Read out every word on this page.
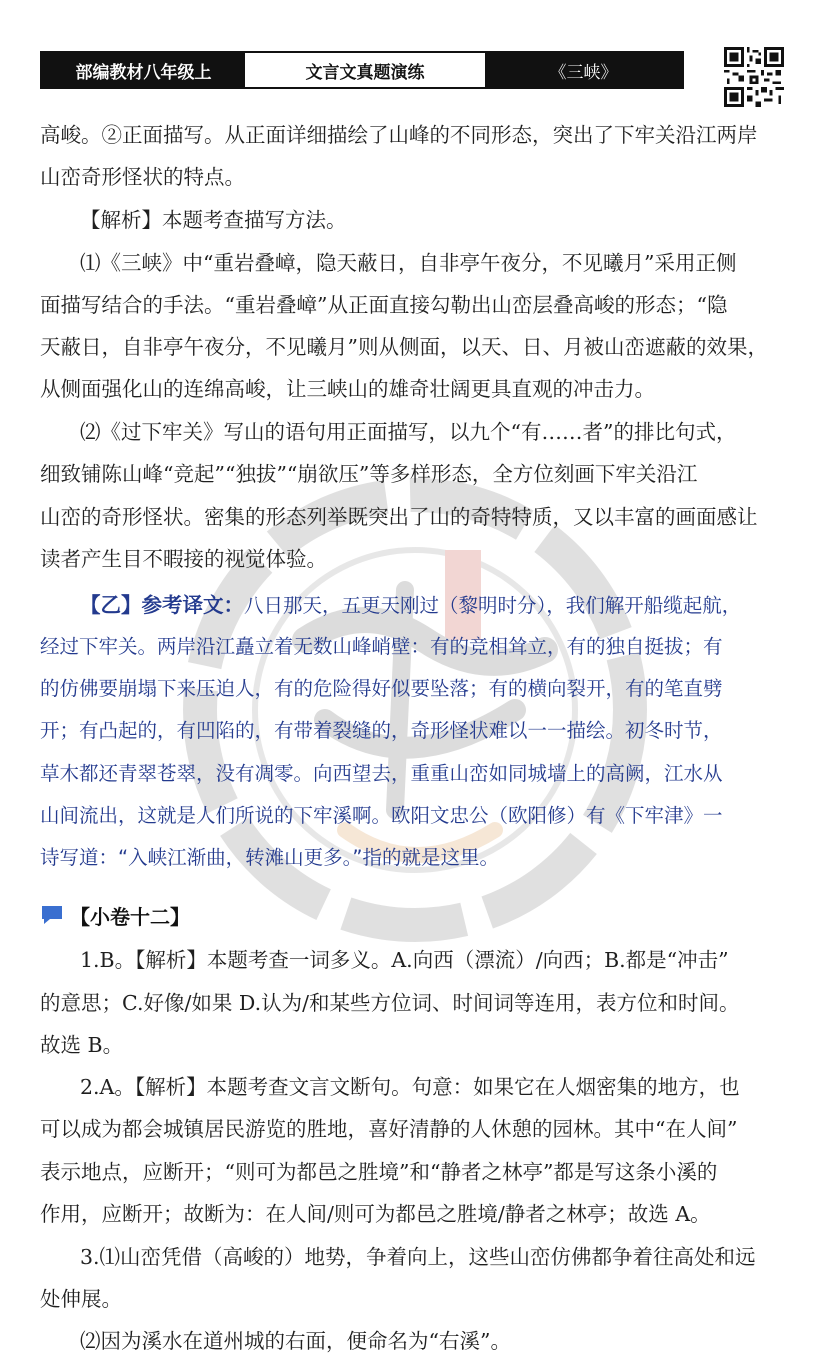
部编教材八年级上	文言文真题演练	《三峡》
高峻。②正面描写。从正面详细描绘了山峰的不同形态，突出了下牢关沿江两岸
山峦奇形怪状的特点。
【解析】本题考查描写方法。
⑴《三峡》中“重岩叠嶂，隐天蔽日，自非亭午夜分，不见曦月”采用正侧
面描写结合的手法。“重岩叠嶂”从正面直接勾勒出山峦层叠高峻的形态；“隐
天蔽日，自非亭午夜分，不见曦月”则从侧面，以天、日、月被山峦遮蔽的效果，
从侧面强化山的连绵高峻，让三峡山的雄奇壮阔更具直观的冲击力。
⑵《过下牢关》写山的语句用正面描写，以九个“有……者”的排比句式，
细致铺陈山峰“竞起”“独拔”“崩欲压”等多样形态，全方位刻画下牢关沿江
山峦的奇形怪状。密集的形态列举既突出了山的奇特特质，又以丰富的画面感让
读者产生目不暇接的视觉体验。
【乙】参考译文：八日那天，五更天刚过（黎明时分），我们解开船缆起航，
经过下牢关。两岸沿江矗立着无数山峰峭壁：有的竞相耸立，有的独自挺拔；有
的仿佛要崩塌下来压迫人，有的危险得好似要坠落；有的横向裂开，有的笔直劈
开；有凸起的，有凹陷的，有带着裂缝的，奇形怪状难以一一描绘。初冬时节，
草木都还青翠苍翠，没有凋零。向西望去，重重山峦如同城墙上的高阙，江水从
山间流出，这就是人们所说的下牢溪啊。欧阳文忠公（欧阳修）有《下牢津》一
诗写道：“入峡江渐曲，转滩山更多。”指的就是这里。
【小卷十二】
1.B。【解析】本题考查一词多义。A.向西（漂流）/向西；B.都是“冲击”
的意思；C.好像/如果 D.认为/和某些方位词、时间词等连用，表方位和时间。
故选 B。
2.A。【解析】本题考查文言文断句。句意：如果它在人烟密集的地方，也
可以成为都会城镇居民游览的胜地，喜好清静的人休憩的园林。其中“在人间”
表示地点，应断开；“则可为都邑之胜境”和“静者之林亭”都是写这条小溪的
作用，应断开；故断为：在人间/则可为都邑之胜境/静者之林亭；故选 A。
3.⑴山峦凭借（高峻的）地势，争着向上，这些山峦仿佛都争着往高处和远
处伸展。
⑵因为溪水在道州城的右面，便命名为“右溪”。
